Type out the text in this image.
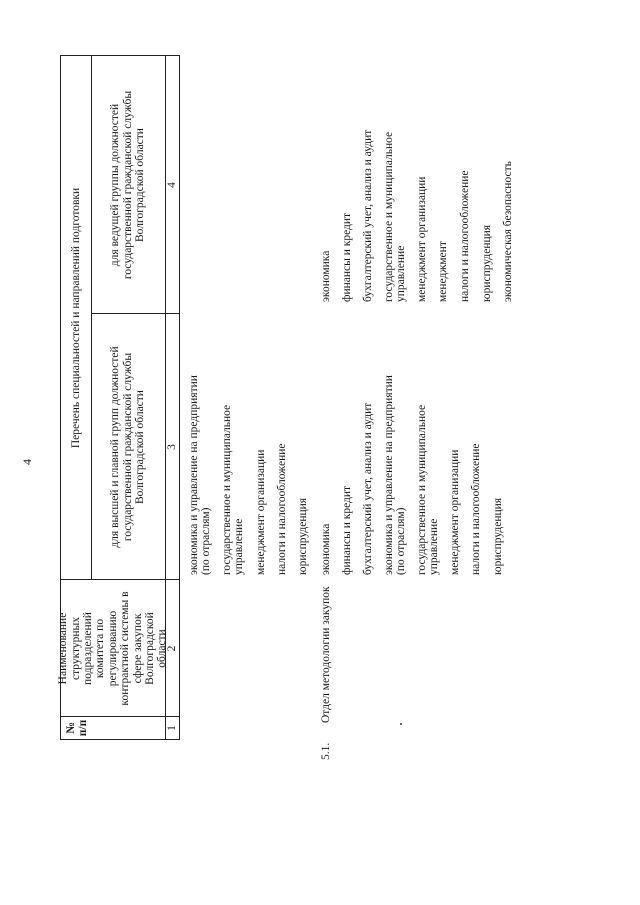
4
№
п/п
Наименование
структурных подразделений
комитета по регулированию
контрактной системы в
сфере закупок
Волгоградской
области
Перечень специальностей и направлений подготовки
для высшей и главной групп должностей
государственной гражданской службы
Волгоградской области
для ведущей группы должностей
государственной гражданской службы
Волгоградской области
1
2
3
4
экономика и управление на предприятии
(по отраслям) государственное и муниципальное
управление менеджмент организации налоги и налогообложение юриспруденция
5.1.
Отдел методологии закупок
экономика финансы и кредит бухгалтерский учет, анализ и аудит экономика и управление на предприятии
(по отраслям) государственное и муниципальное
управление менеджмент организации налоги и налогообложение юриспруденция
экономика финансы и кредит бухгалтерский учет, анализ и аудит государственное и муниципальное
управление менеджмент организации менеджмент налоги и налогообложение юриспруденция экономическая безопасность
